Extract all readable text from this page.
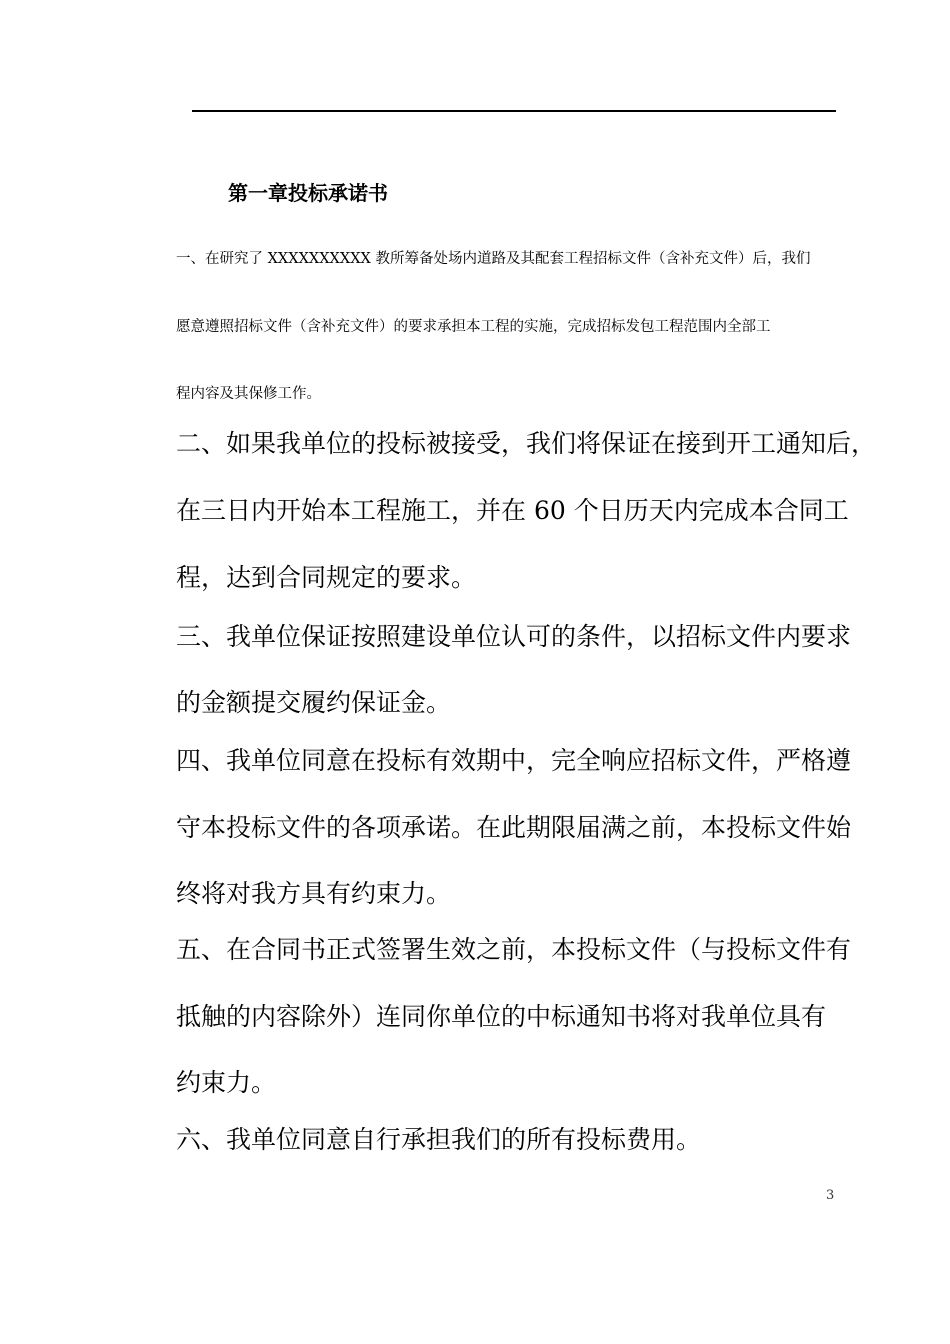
第一章投标承诺书
一、在研究了 XXXXXXXXXX 教所筹备处场内道路及其配套工程招标文件（含补充文件）后，我们
愿意遵照招标文件（含补充文件）的要求承担本工程的实施，完成招标发包工程范围内全部工
程内容及其保修工作。
二、如果我单位的投标被接受，我们将保证在接到开工通知后，
在三日内开始本工程施工，并在 60 个日历天内完成本合同工
程，达到合同规定的要求。
三、我单位保证按照建设单位认可的条件，以招标文件内要求
的金额提交履约保证金。
四、我单位同意在投标有效期中，完全响应招标文件，严格遵
守本投标文件的各项承诺。在此期限届满之前，本投标文件始
终将对我方具有约束力。
五、在合同书正式签署生效之前，本投标文件（与投标文件有
抵触的内容除外）连同你单位的中标通知书将对我单位具有
约束力。
六、我单位同意自行承担我们的所有投标费用。
3
